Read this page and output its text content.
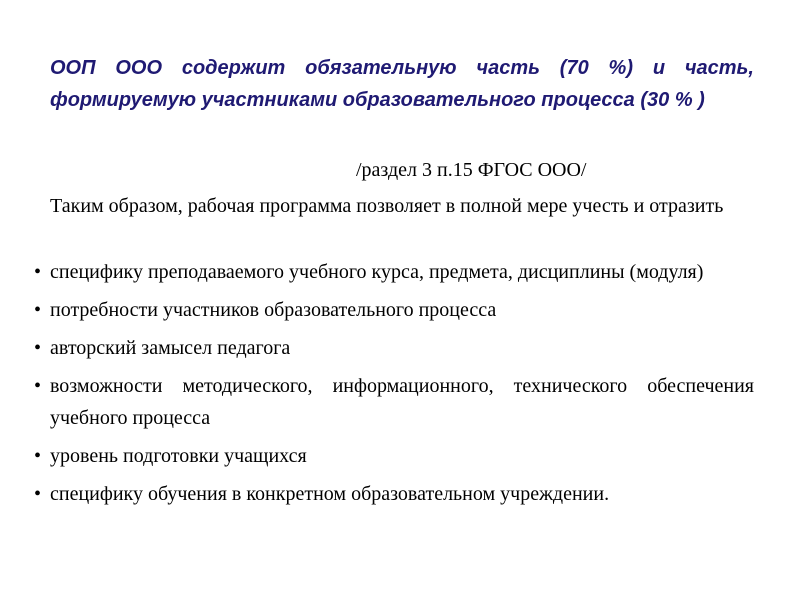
ООП ООО содержит обязательную часть (70 %) и часть, формируемую участниками образовательного процесса (30 % )

/раздел 3 п.15 ФГОС ООО/

Таким образом, рабочая программа позволяет в полной мере учесть и отразить

• специфику преподаваемого учебного курса, предмета, дисциплины (модуля)
• потребности участников образовательного процесса
• авторский замысел педагога
• возможности методического, информационного, технического обеспечения учебного процесса
• уровень подготовки учащихся
• специфику обучения в конкретном образовательном учреждении.
